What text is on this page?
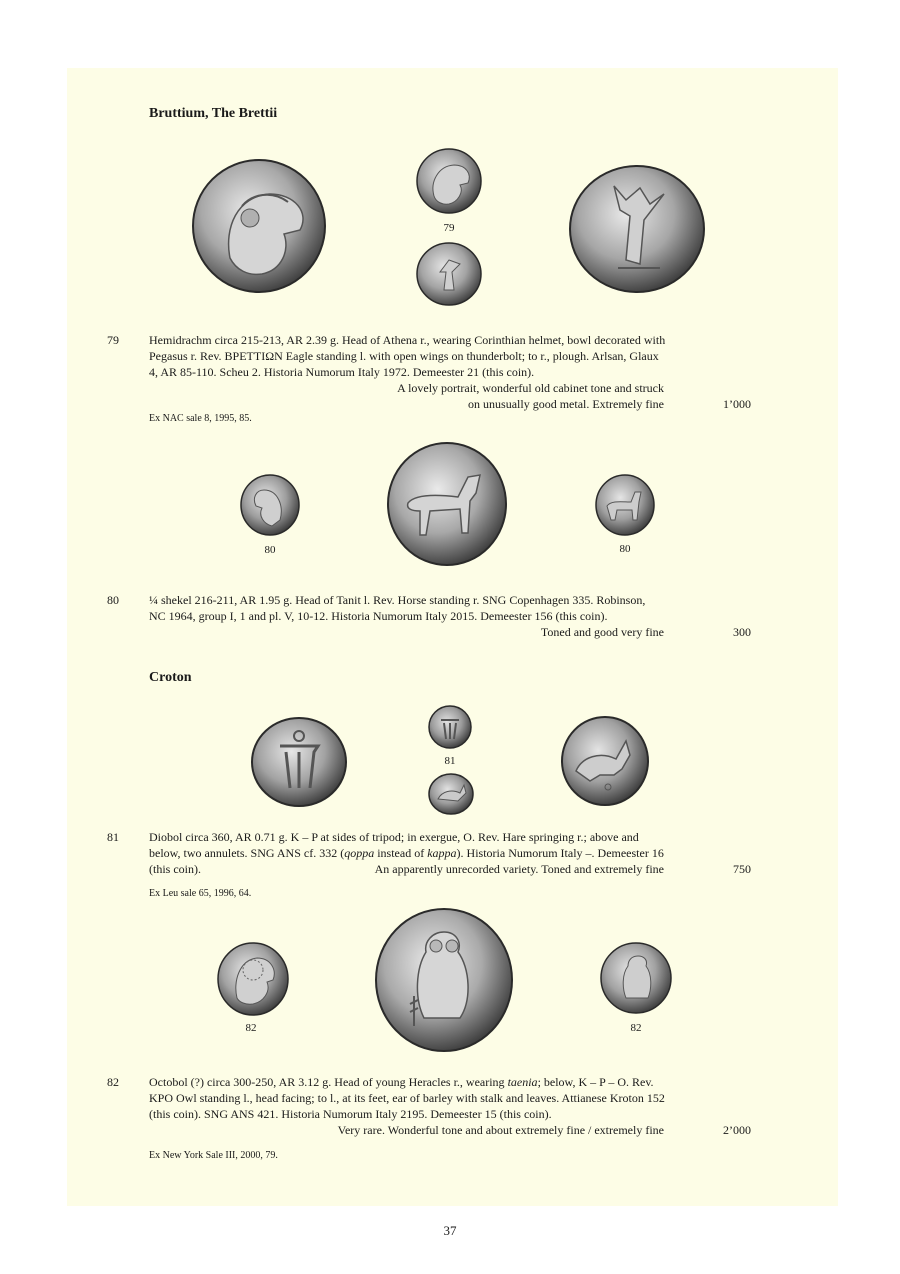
Bruttium, The Brettii
79
79	Hemidrachm circa 215-213, AR 2.39 g. Head of Athena r., wearing Corinthian helmet, bowl decorated with
Pegasus r. Rev. ΒΡΕΤΤΙΩΝ Eagle standing l. with open wings on thunderbolt; to r., plough. Arlsan, Glaux
4, AR 85-110. Scheu 2. Historia Numorum Italy 1972. Demeester 21 (this coin).
A lovely portrait, wonderful old cabinet tone and struck
on unusually good metal. Extremely fine	1’000
Ex NAC sale 8, 1995, 85.
80	80
80	¼ shekel 216-211, AR 1.95 g. Head of Tanit l. Rev. Horse standing r. SNG Copenhagen 335. Robinson,
NC 1964, group I, 1 and pl. V, 10-12. Historia Numorum Italy 2015. Demeester 156 (this coin).
Toned and good very fine	300
Croton
81
81	Diobol circa 360, AR 0.71 g. K – P at sides of tripod; in exergue, O. Rev. Hare springing r.; above and
below, two annulets. SNG ANS cf. 332 (qoppa instead of kappa). Historia Numorum Italy –. Demeester 16
(this coin).	An apparently unrecorded variety. Toned and extremely fine	750
Ex Leu sale 65, 1996, 64.
82	82
82	Octobol (?) circa 300-250, AR 3.12 g. Head of young Heracles r., wearing taenia; below, K – P – O. Rev.
KPO Owl standing l., head facing; to l., at its feet, ear of barley with stalk and leaves. Attianese Kroton 152
(this coin). SNG ANS 421. Historia Numorum Italy 2195. Demeester 15 (this coin).
Very rare. Wonderful tone and about extremely fine / extremely fine	2’000
Ex New York Sale III, 2000, 79.
37
